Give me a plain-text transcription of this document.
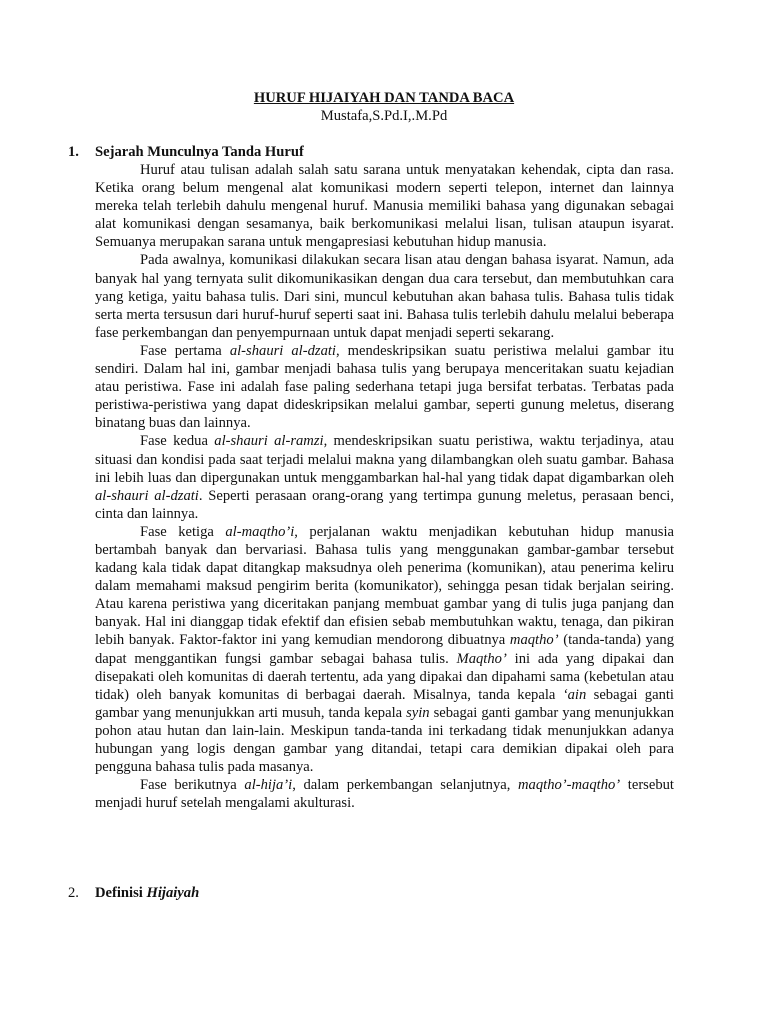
HURUF HIJAIYAH DAN TANDA BACA
Mustafa,S.Pd.I,.M.Pd
1. Sejarah Munculnya Tanda Huruf

Huruf atau tulisan adalah salah satu sarana untuk menyatakan kehendak, cipta dan rasa. Ketika orang belum mengenal alat komunikasi modern seperti telepon, internet dan lainnya mereka telah terlebih dahulu mengenal huruf. Manusia memiliki bahasa yang digunakan sebagai alat komunikasi dengan sesamanya, baik berkomunikasi melalui lisan, tulisan ataupun isyarat. Semuanya merupakan sarana untuk mengapresiasi kebutuhan hidup manusia.

Pada awalnya, komunikasi dilakukan secara lisan atau dengan bahasa isyarat. Namun, ada banyak hal yang ternyata sulit dikomunikasikan dengan dua cara tersebut, dan membutuhkan cara yang ketiga, yaitu bahasa tulis. Dari sini, muncul kebutuhan akan bahasa tulis. Bahasa tulis tidak serta merta tersusun dari huruf-huruf seperti saat ini. Bahasa tulis terlebih dahulu melalui beberapa fase perkembangan dan penyempurnaan untuk dapat menjadi seperti sekarang.

Fase pertama al-shauri al-dzati, mendeskripsikan suatu peristiwa melalui gambar itu sendiri. Dalam hal ini, gambar menjadi bahasa tulis yang berupaya menceritakan suatu kejadian atau peristiwa. Fase ini adalah fase paling sederhana tetapi juga bersifat terbatas. Terbatas pada peristiwa-peristiwa yang dapat dideskripsikan melalui gambar, seperti gunung meletus, diserang binatang buas dan lainnya.

Fase kedua al-shauri al-ramzi, mendeskripsikan suatu peristiwa, waktu terjadinya, atau situasi dan kondisi pada saat terjadi melalui makna yang dilambangkan oleh suatu gambar. Bahasa ini lebih luas dan dipergunakan untuk menggambarkan hal-hal yang tidak dapat digambarkan oleh al-shauri al-dzati. Seperti perasaan orang-orang yang tertimpa gunung meletus, perasaan benci, cinta dan lainnya.

Fase ketiga al-maqtho’i, perjalanan waktu menjadikan kebutuhan hidup manusia bertambah banyak dan bervariasi. Bahasa tulis yang menggunakan gambar-gambar tersebut kadang kala tidak dapat ditangkap maksudnya oleh penerima (komunikan), atau penerima keliru dalam memahami maksud pengirim berita (komunikator), sehingga pesan tidak berjalan seiring. Atau karena peristiwa yang diceritakan panjang membuat gambar yang di tulis juga panjang dan banyak. Hal ini dianggap tidak efektif dan efisien sebab membutuhkan waktu, tenaga, dan pikiran lebih banyak. Faktor-faktor ini yang kemudian mendorong dibuatnya maqtho’ (tanda-tanda) yang dapat menggantikan fungsi gambar sebagai bahasa tulis. Maqtho’ ini ada yang dipakai dan disepakati oleh komunitas di daerah tertentu, ada yang dipakai dan dipahami sama (kebetulan atau tidak) oleh banyak komunitas di berbagai daerah. Misalnya, tanda kepala ‘ain sebagai ganti gambar yang menunjukkan arti musuh, tanda kepala syin sebagai ganti gambar yang menunjukkan pohon atau hutan dan lain-lain. Meskipun tanda-tanda ini terkadang tidak menunjukkan adanya hubungan yang logis dengan gambar yang ditandai, tetapi cara demikian dipakai oleh para pengguna bahasa tulis pada masanya.

Fase berikutnya al-hija’i, dalam perkembangan selanjutnya, maqtho’-maqtho’ tersebut menjadi huruf setelah mengalami akulturasi.

2. Definisi Hijaiyah
